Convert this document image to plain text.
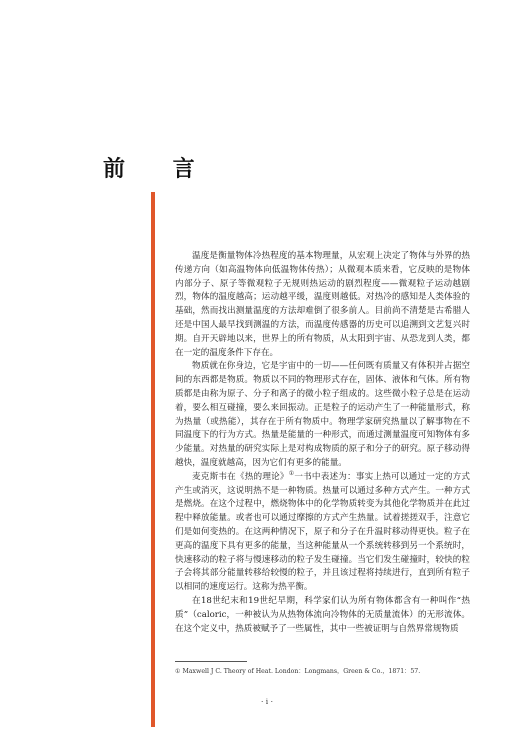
前 言

温度是衡量物体冷热程度的基本物理量，从宏观上决定了物体与外界的热传递方向（如高温物体向低温物体传热）；从微观本质来看，它反映的是物体内部分子、原子等微观粒子无规则热运动的剧烈程度——微观粒子运动越剧烈，物体的温度越高；运动越平缓，温度则越低。对热冷的感知是人类体验的基础，然而找出测量温度的方法却难倒了很多前人。目前尚不清楚是古希腊人还是中国人最早找到测温的方法，而温度传感器的历史可以追溯到文艺复兴时期。自开天辟地以来，世界上的所有物质，从太阳到宇宙、从恐龙到人类，都在一定的温度条件下存在。

物质就在你身边，它是宇宙中的一切——任何既有质量又有体积并占据空间的东西都是物质。物质以不同的物理形式存在，固体、液体和气体。所有物质都是由称为原子、分子和离子的微小粒子组成的。这些微小粒子总是在运动着，要么相互碰撞，要么来回振动。正是粒子的运动产生了一种能量形式，称为热量（或热能），其存在于所有物质中。物理学家研究热量以了解事物在不同温度下的行为方式。热量是能量的一种形式，而通过测量温度可知物体有多少能量。对热量的研究实际上是对构成物质的原子和分子的研究。原子移动得越快，温度就越高，因为它们有更多的能量。

麦克斯韦在《热的理论》①一书中表述为：事实上热可以通过一定的方式产生或消灭，这说明热不是一种物质。热量可以通过多种方式产生。一种方式是燃烧。在这个过程中，燃烧物体中的化学物质转变为其他化学物质并在此过程中释放能量。或者也可以通过摩擦的方式产生热量。试着搓搓双手，注意它们是如何变热的。在这两种情况下，原子和分子在升温时移动得更快。粒子在更高的温度下具有更多的能量，当这种能量从一个系统转移到另一个系统时，快速移动的粒子将与慢速移动的粒子发生碰撞。当它们发生碰撞时，较快的粒子会将其部分能量转移给较慢的粒子，并且该过程将持续进行，直到所有粒子以相同的速度运行。这称为热平衡。

在18世纪末和19世纪早期，科学家们认为所有物体都含有一种叫作“热质”（caloric，一种被认为从热物体流向冷物体的无质量流体）的无形流体。在这个定义中，热质被赋予了一些属性，其中一些被证明与自然界常规物质

① Maxwell J C. Theory of Heat. London：Longmans，Green & Co.，1871：57.

· i ·
